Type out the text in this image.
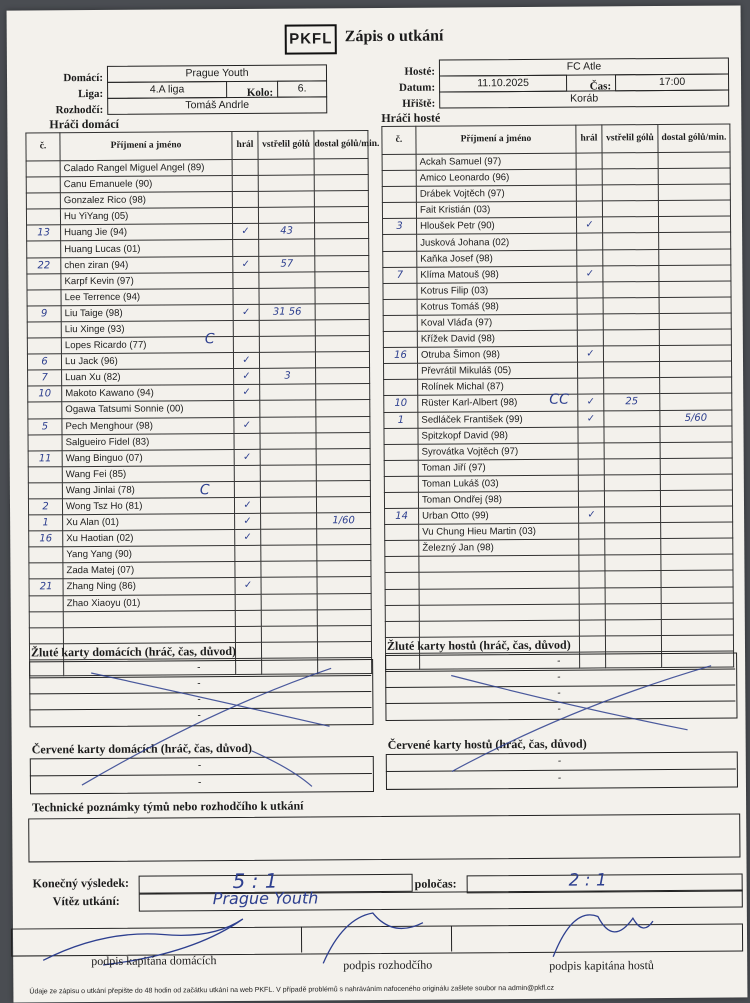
PKFL Zápis o utkání
Domácí:	Prague Youth
Liga:	4.A liga	Kolo:	6.
Rozhodčí:	Tomáš Andrle
Hosté:	FC Atle
Datum:	11.10.2025	Čas:	17:00
Hřiště:	Koráb
Hráči domácí	Hráči hosté
č.	Příjmení a jméno	hrál	vstřelil gólů	dostal gólů/min.
	Calado Rangel Miguel Angel (89)			
	Canu Emanuele (90)			
	Gonzalez Rico (98)			
	Hu YiYang (05)			
13	Huang Jie (94)	✓	43	
	Huang Lucas (01)			
22	chen ziran (94)	✓	57	
	Karpf Kevin (97)			
	Lee Terrence (94)			
9	Liu Taige (98)	✓	31 56	
	Liu Xinge (93)			
	Lopes Ricardo (77)			
6	Lu Jack (96)	✓		
7	Luan Xu (82)	✓	3	
10	Makoto Kawano (94)	✓		
	Ogawa Tatsumi Sonnie (00)			
5	Pech Menghour (98)	✓		
	Salgueiro Fidel (83)			
11	Wang Binguo (07)	✓		
	Wang Fei (85)			
	Wang Jinlai (78)			
2	Wong Tsz Ho (81)	✓		
1	Xu Alan (01)	✓		1/60
16	Xu Haotian (02)	✓		
	Yang Yang (90)			
	Zada Matej (07)			
21	Zhang Ning (86)	✓		
	Zhao Xiaoyu (01)			

č.	Příjmení a jméno	hrál	vstřelil gólů	dostal gólů/min.
	Ackah Samuel (97)			
	Amico Leonardo (96)			
	Drábek Vojtěch (97)			
	Fait Kristián (03)			
3	Hloušek Petr (90)	✓		
	Jusková Johana (02)			
	Kaňka Josef (98)			
7	Klíma Matouš (98)	✓		
	Kotrus Filip (03)			
	Kotrus Tomáš (98)			
	Koval Vláďa (97)			
	Křížek David (98)			
16	Otruba Šimon (98)	✓		
	Převrátil Mikuláš (05)			
	Rolínek Michal (87)			
10	Rüster Karl-Albert (98)	✓	25	
1	Sedláček František (99)	✓		5/60
	Spitzkopf David (98)			
	Syrovátka Vojtěch (97)			
	Toman Jiří (97)			
	Toman Lukáš (03)			
	Toman Ondřej (98)			
14	Urban Otto (99)	✓		
	Vu Chung Hieu Martin (03)			
	Železný Jan (98)			

C
C
CC
Žluté karty domácích (hráč, čas, důvod)
-
-
-
-
Žluté karty hostů (hráč, čas, důvod)
-
-
-
-
Červené karty domácích (hráč, čas, důvod)
-
-
Červené karty hostů (hráč, čas, důvod)
-
-
Technické poznámky týmů nebo rozhodčího k utkání
Konečný výsledek:	5 : 1	poločas:	2 : 1
Vítěz utkání:	Prague Youth
podpis kapitána domácích	podpis rozhodčího	podpis kapitána hostů
Údaje ze zápisu o utkání přepište do 48 hodin od začátku utkání na web PKFL. V případě problémů s nahráváním nafoceného originálu zašlete soubor na admin@pkfl.cz
